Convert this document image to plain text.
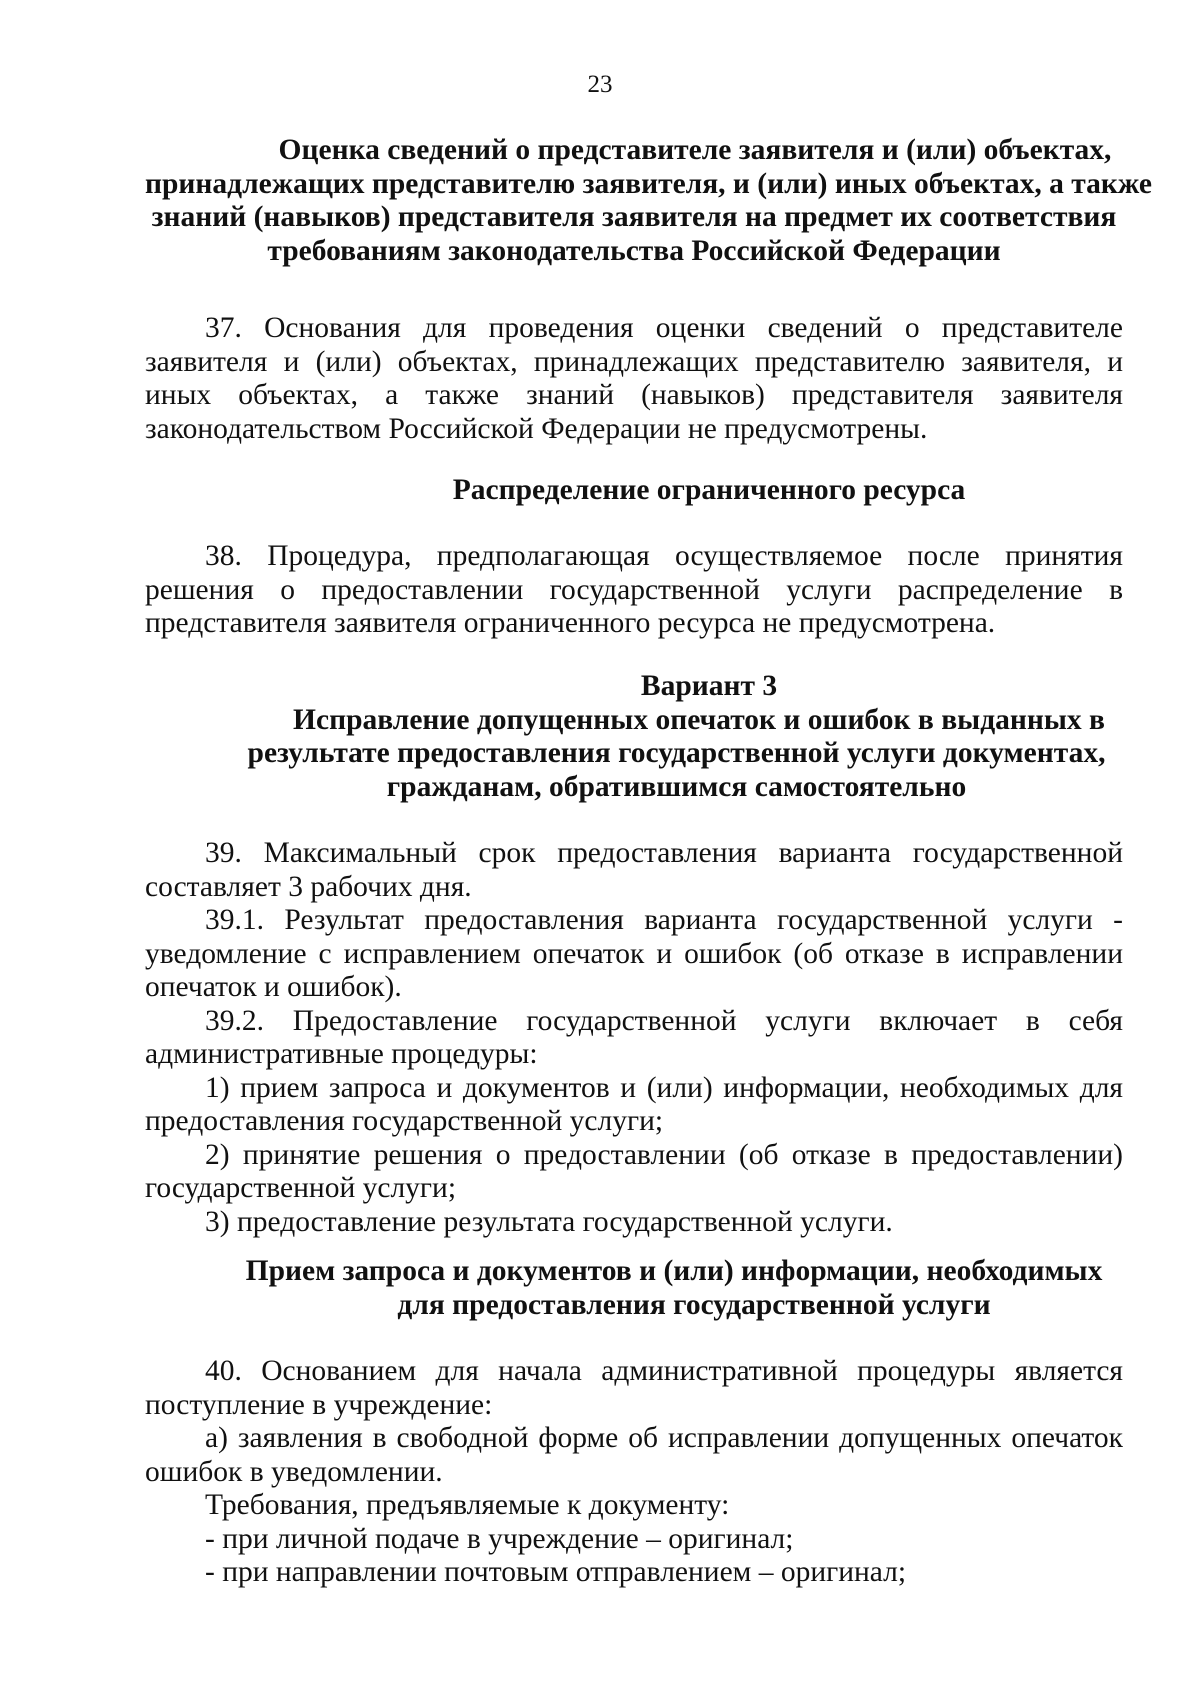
23
Оценка сведений о представителе заявителя и (или) объектах,
принадлежащих представителю заявителя, и (или) иных объектах, а также
знаний (навыков) представителя заявителя на предмет их соответствия
требованиям законодательства Российской Федерации
37. Основания для проведения оценки сведений о представителе
заявителя и (или) объектах, принадлежащих представителю заявителя, и
иных объектах, а также знаний (навыков) представителя заявителя
законодательством Российской Федерации не предусмотрены.
Распределение ограниченного ресурса
38. Процедура, предполагающая осуществляемое после принятия
решения о предоставлении государственной услуги распределение в
представителя заявителя ограниченного ресурса не предусмотрена.
Вариант 3
Исправление допущенных опечаток и ошибок в выданных в
результате предоставления государственной услуги документах,
гражданам, обратившимся самостоятельно
39. Максимальный срок предоставления варианта государственной
составляет 3 рабочих дня.
39.1. Результат предоставления варианта государственной услуги -
уведомление с исправлением опечаток и ошибок (об отказе в исправлении
опечаток и ошибок).
39.2. Предоставление государственной услуги включает в себя
административные процедуры:
1) прием запроса и документов и (или) информации, необходимых для
предоставления государственной услуги;
2) принятие решения о предоставлении (об отказе в предоставлении)
государственной услуги;
3) предоставление результата государственной услуги.
Прием запроса и документов и (или) информации, необходимых
для предоставления государственной услуги
40. Основанием для начала административной процедуры является
поступление в учреждение:
а) заявления в свободной форме об исправлении допущенных опечаток
ошибок в уведомлении.
Требования, предъявляемые к документу:
- при личной подаче в учреждение – оригинал;
- при направлении почтовым отправлением – оригинал;
